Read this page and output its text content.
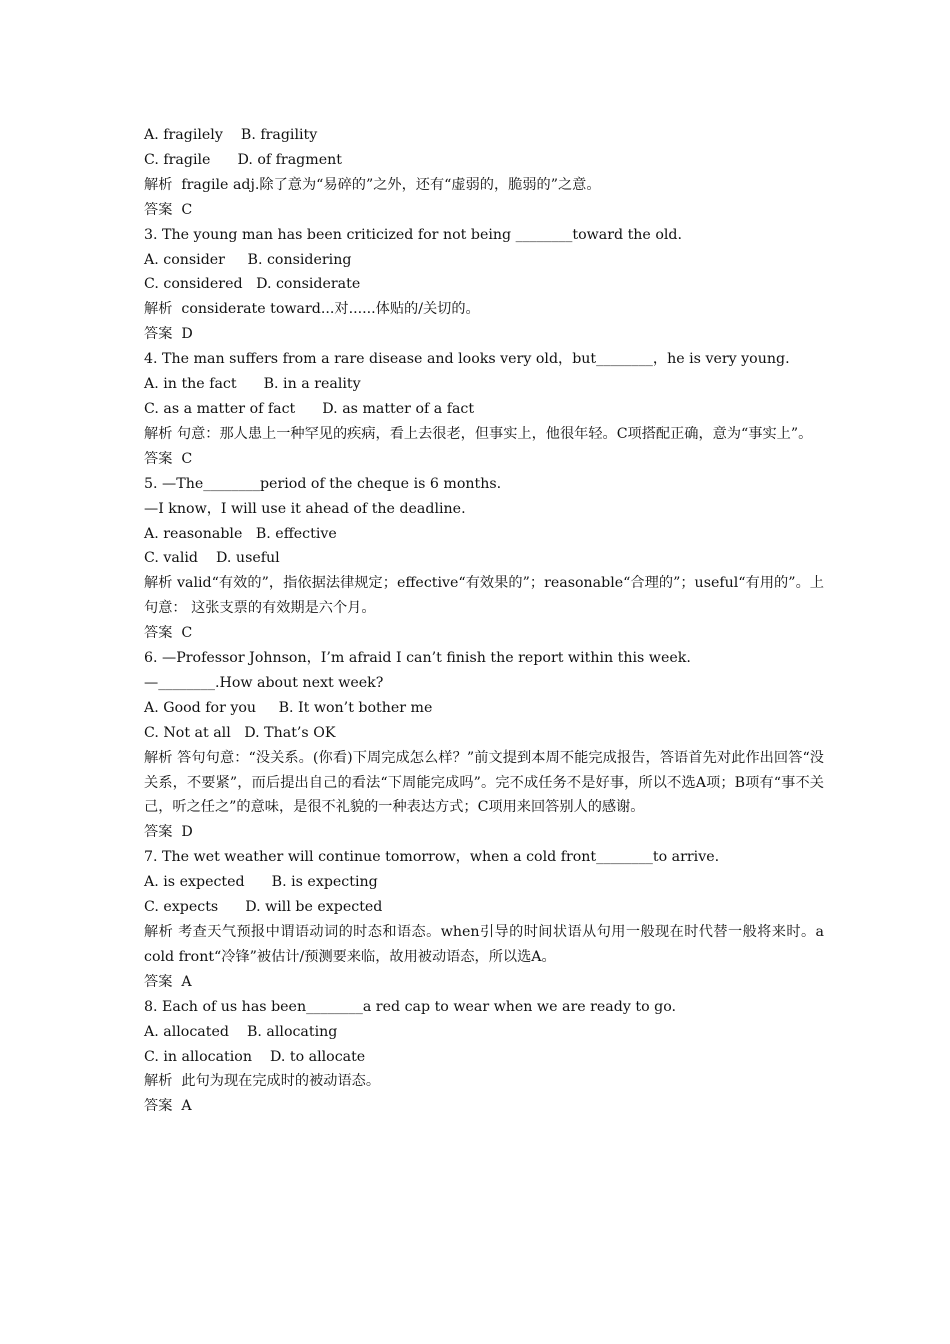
A. fragilely    B. fragility
C. fragile      D. of fragment
解析  fragile adj.除了意为“易碎的”之外，还有“虚弱的，脆弱的”之意。
答案  C
3. The young man has been criticized for not being ________toward the old.
A. consider     B. considering
C. considered   D. considerate
解析  considerate toward...对......体贴的/关切的。
答案  D
4. The man suffers from a rare disease and looks very old，but________，he is very young.
A. in the fact      B. in a reality
C. as a matter of fact      D. as matter of a fact
解析 句意：那人患上一种罕见的疾病，看上去很老，但事实上，他很年轻。C项搭配正确，意为“事实上”。
答案  C
5. —The________period of the cheque is 6 months.
—I know，I will use it ahead of the deadline.
A. reasonable   B. effective
C. valid    D. useful
解析 valid“有效的”，指依据法律规定；effective“有效果的”；reasonable“合理的”；useful“有用的”。上句意： 这张支票的有效期是六个月。
答案  C
6. —Professor Johnson，I’m afraid I can’t finish the report within this week.
—________.How about next week?
A. Good for you     B. It won’t bother me
C. Not at all   D. That’s OK
解析 答句句意：“没关系。(你看)下周完成怎么样？”前文提到本周不能完成报告，答语首先对此作出回答“没关系，不要紧”，而后提出自己的看法“下周能完成吗”。完不成任务不是好事，所以不选A项；B项有“事不关己，听之任之”的意味，是很不礼貌的一种表达方式；C项用来回答别人的感谢。
答案  D
7. The wet weather will continue tomorrow，when a cold front________to arrive.
A. is expected      B. is expecting
C. expects      D. will be expected
解析 考查天气预报中谓语动词的时态和语态。when引导的时间状语从句用一般现在时代替一般将来时。a cold front“冷锋”被估计/预测要来临，故用被动语态，所以选A。
答案  A
8. Each of us has been________a red cap to wear when we are ready to go.
A. allocated    B. allocating
C. in allocation    D. to allocate
解析  此句为现在完成时的被动语态。
答案  A
